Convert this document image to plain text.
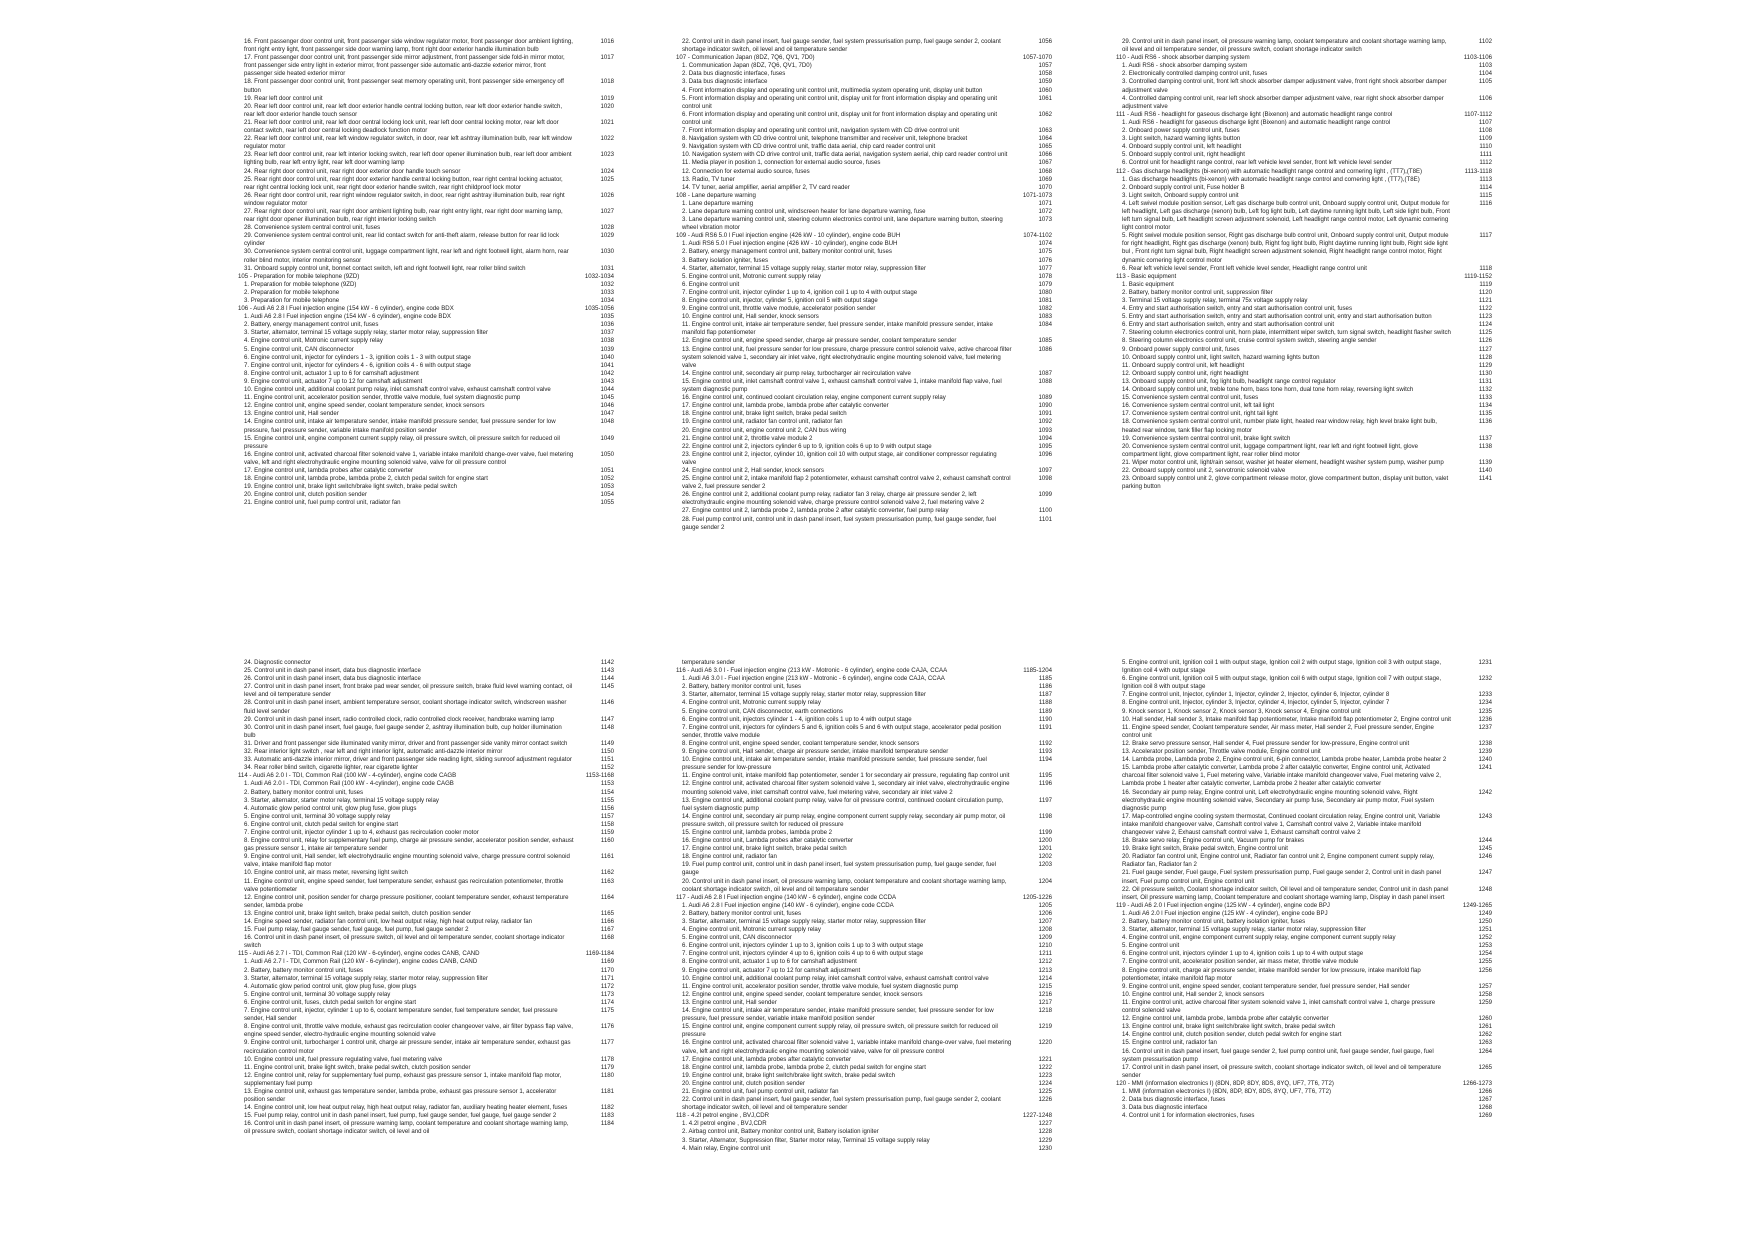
16. Front passenger door control unit, front passenger side window regulator motor, front passenger door ambient lighting, front right entry light, front passenger side door warning lamp, front right door exterior handle illumination bulb
1016
17. Front passenger door control unit, front passenger side mirror adjustment, front passenger side fold-in mirror motor, front passenger side entry light in exterior mirror, front passenger side automatic anti-dazzle exterior mirror, front passenger side heated exterior mirror
1017
18. Front passenger door control unit, front passenger seat memory operating unit, front passenger side emergency off button
1018
19. Rear left door control unit	1019
20. Rear left door control unit, rear left door exterior handle central locking button, rear left door exterior handle switch, rear left door exterior handle touch sensor
1020
21. Rear left door control unit, rear left door central locking lock unit, rear left door central locking motor, rear left door contact switch, rear left door central locking deadlock function motor
1021
22. Rear left door control unit, rear left window regulator switch, in door, rear left ashtray illumination bulb, rear left window regulator motor
1022
23. Rear left door control unit, rear left interior locking switch, rear left door opener illumination bulb, rear left door ambient lighting bulb, rear left entry light, rear left door warning lamp
1023
24. Rear right door control unit, rear right door exterior door handle touch sensor	1024
25. Rear right door control unit, rear right door exterior handle central locking button, rear right central locking actuator, rear right central locking lock unit, rear right door exterior handle switch, rear right childproof lock motor
1025
26. Rear right door control unit, rear right window regulator switch, in door, rear right ashtray illumination bulb, rear right window regulator motor
1026
27. Rear right door control unit, rear right door ambient lighting bulb, rear right entry light, rear right door warning lamp, rear right door opener illumination bulb, rear right interior locking switch
1027
28. Convenience system central control unit, fuses	1028
29. Convenience system central control unit, rear lid contact switch for anti-theft alarm, release button for rear lid lock cylinder
1029
30. Convenience system central control unit, luggage compartment light, rear left and right footwell light, alarm horn, rear roller blind motor, interior monitoring sensor
1030
31. Onboard supply control unit, bonnet contact switch, left and right footwell light, rear roller blind switch	1031
105 - Preparation for mobile telephone (9ZD)	1032-1034
1. Preparation for mobile telephone (9ZD)	1032
2. Preparation for mobile telephone	1033
3. Preparation for mobile telephone	1034
106 - Audi A6 2.8 l Fuel injection engine (154 kW - 6 cylinder), engine code BDX	1035-1056
1. Audi A6 2.8 l Fuel injection engine (154 kW - 6 cylinder), engine code BDX	1035
2. Battery, energy management control unit, fuses	1036
3. Starter, alternator, terminal 15 voltage supply relay, starter motor relay, suppression filter	1037
4. Engine control unit, Motronic current supply relay	1038
5. Engine control unit, CAN disconnector	1039
6. Engine control unit, injector for cylinders 1 - 3, ignition coils 1 - 3 with output stage	1040
7. Engine control unit, injector for cylinders 4 - 6, ignition coils 4 - 6 with output stage	1041
8. Engine control unit, actuator 1 up to 6 for camshaft adjustment	1042
9. Engine control unit, actuator 7 up to 12 for camshaft adjustment	1043
10. Engine control unit, additional coolant pump relay, inlet camshaft control valve, exhaust camshaft control valve	1044
11. Engine control unit, accelerator position sender, throttle valve module, fuel system diagnostic pump	1045
12. Engine control unit, engine speed sender, coolant temperature sender, knock sensors	1046
13. Engine control unit, Hall sender	1047
14. Engine control unit, intake air temperature sender, intake manifold pressure sender, fuel pressure sender for low pressure, fuel pressure sender, variable intake manifold position sender
1048
15. Engine control unit, engine component current supply relay, oil pressure switch, oil pressure switch for reduced oil pressure
1049
16. Engine control unit, activated charcoal filter solenoid valve 1, variable intake manifold change-over valve, fuel metering valve, left and right electrohydraulic engine mounting solenoid valve, valve for oil pressure control
1050
17. Engine control unit, lambda probes after catalytic converter	1051
18. Engine control unit, lambda probe, lambda probe 2, clutch pedal switch for engine start	1052
19. Engine control unit, brake light switch/brake light switch, brake pedal switch	1053
20. Engine control unit, clutch position sender	1054
21. Engine control unit, fuel pump control unit, radiator fan	1055
22. Control unit in dash panel insert, fuel gauge sender, fuel system pressurisation pump, fuel gauge sender 2, coolant shortage indicator switch, oil level and oil temperature sender
1056
107 - Communication Japan (8DZ, 7Q6, QV1, 7D0)	1057-1070
1. Communication Japan (8DZ, 7Q6, QV1, 7D0)	1057
2. Data bus diagnostic interface, fuses	1058
3. Data bus diagnostic interface	1059
4. Front information display and operating unit control unit, multimedia system operating unit, display unit button	1060
5. Front information display and operating unit control unit, display unit for front information display and operating unit control unit
1061
6. Front information display and operating unit control unit, display unit for front information display and operating unit control unit
1062
7. Front information display and operating unit control unit, navigation system with CD drive control unit	1063
8. Navigation system with CD drive control unit, telephone transmitter and receiver unit, telephone bracket	1064
9. Navigation system with CD drive control unit, traffic data aerial, chip card reader control unit	1065
10. Navigation system with CD drive control unit, traffic data aerial, navigation system aerial, chip card reader control unit	1066
11. Media player in position 1, connection for external audio source, fuses	1067
12. Connection for external audio source, fuses	1068
13. Radio, TV tuner	1069
14. TV tuner, aerial amplifier, aerial amplifier 2, TV card reader	1070
108 - Lane departure warning	1071-1073
1. Lane departure warning	1071
2. Lane departure warning control unit, windscreen heater for lane departure warning, fuse	1072
3. Lane departure warning control unit, steering column electronics control unit, lane departure warning button, steering wheel vibration motor
1073
109 - Audi RS6 5.0 l Fuel injection engine (426 kW - 10 cylinder), engine code BUH	1074-1102
1. Audi RS6 5.0 l Fuel injection engine (426 kW - 10 cylinder), engine code BUH	1074
2. Battery, energy management control unit, battery monitor control unit, fuses	1075
3. Battery isolation igniter, fuses	1076
4. Starter, alternator, terminal 15 voltage supply relay, starter motor relay, suppression filter	1077
5. Engine control unit, Motronic current supply relay	1078
6. Engine control unit	1079
7. Engine control unit, injector cylinder 1 up to 4, ignition coil 1 up to 4 with output stage	1080
8. Engine control unit, injector, cylinder 5, ignition coil 5 with output stage	1081
9. Engine control unit, throttle valve module, accelerator position sender	1082
10. Engine control unit, Hall sender, knock sensors	1083
11. Engine control unit, intake air temperature sender, fuel pressure sender, intake manifold pressure sender, intake manifold flap potentiometer
1084
12. Engine control unit, engine speed sender, charge air pressure sender, coolant temperature sender	1085
13. Engine control unit, fuel pressure sender for low pressure, charge pressure control solenoid valve, active charcoal filter system solenoid valve 1, secondary air inlet valve, right electrohydraulic engine mounting solenoid valve, fuel metering valve
1086
14. Engine control unit, secondary air pump relay, turbocharger air recirculation valve	1087
15. Engine control unit, inlet camshaft control valve 1, exhaust camshaft control valve 1, intake manifold flap valve, fuel system diagnostic pump
1088
16. Engine control unit, continued coolant circulation relay, engine component current supply relay	1089
17. Engine control unit, lambda probe, lambda probe after catalytic converter	1090
18. Engine control unit, brake light switch, brake pedal switch	1091
19. Engine control unit, radiator fan control unit, radiator fan	1092
20. Engine control unit, engine control unit 2, CAN bus wiring	1093
21. Engine control unit 2, throttle valve module 2	1094
22. Engine control unit 2, injectors cylinder 6 up to 9, ignition coils 6 up to 9 with output stage	1095
23. Engine control unit 2, injector, cylinder 10, ignition coil 10 with output stage, air conditioner compressor regulating valve
1096
24. Engine control unit 2, Hall sender, knock sensors	1097
25. Engine control unit 2, intake manifold flap 2 potentiometer, exhaust camshaft control valve 2, exhaust camshaft control valve 2, fuel pressure sender 2
1098
26. Engine control unit 2, additional coolant pump relay, radiator fan 3 relay, charge air pressure sender 2, left electrohydraulic engine mounting solenoid valve, charge pressure control solenoid valve 2, fuel metering valve 2
1099
27. Engine control unit 2, lambda probe 2, lambda probe 2 after catalytic converter, fuel pump relay	1100
28. Fuel pump control unit, control unit in dash panel insert, fuel system pressurisation pump, fuel gauge sender, fuel gauge sender 2
1101
29. Control unit in dash panel insert, oil pressure warning lamp, coolant temperature and coolant shortage warning lamp, oil level and oil temperature sender, oil pressure switch, coolant shortage indicator switch
1102
110 - Audi RS6 - shock absorber damping system	1103-1106
1. Audi RS6 - shock absorber damping system	1103
2. Electronically controlled damping control unit, fuses	1104
3. Controlled damping control unit, front left shock absorber damper adjustment valve, front right shock absorber damper adjustment valve
1105
4. Controlled damping control unit, rear left shock absorber damper adjustment valve, rear right shock absorber damper adjustment valve
1106
111 - Audi RS6 - headlight for gaseous discharge light (Bixenon) and automatic headlight range control	1107-1112
1. Audi RS6 - headlight for gaseous discharge light (Bixenon) and automatic headlight range control	1107
2. Onboard power supply control unit, fuses	1108
3. Light switch, hazard warning lights button	1109
4. Onboard supply control unit, left headlight	1110
5. Onboard supply control unit, right headlight	1111
6. Control unit for headlight range control, rear left vehicle level sender, front left vehicle level sender	1112
112 - Gas discharge headlights (bi-xenon) with automatic headlight range control and cornering light , (TT7),(T8E)	1113-1118
1. Gas discharge headlights (bi-xenon) with automatic headlight range control and cornering light , (TT7),(T8E)	1113
2. Onboard supply control unit, Fuse holder B	1114
3. Light switch, Onboard supply control unit	1115
4. Left swivel module position sensor, Left gas discharge bulb control unit, Onboard supply control unit, Output module for left headlight, Left gas discharge (xenon) bulb, Left fog light bulb, Left daytime running light bulb, Left side light bulb, Front left turn signal bulb, Left headlight screen adjustment solenoid, Left headlight range control motor, Left dynamic cornering light control motor
1116
5. Right swivel module position sensor, Right gas discharge bulb control unit, Onboard supply control unit, Output module for right headlight, Right gas discharge (xenon) bulb, Right fog light bulb, Right daytime running light bulb, Right side light bul , Front right turn signal bulb, Right headlight screen adjustment solenoid, Right headlight range control motor, Right dynamic cornering light control motor
1117
6. Rear left vehicle level sender, Front left vehicle level sender, Headlight range control unit	1118
113 - Basic equipment	1119-1152
1. Basic equipment	1119
2. Battery, battery monitor control unit, suppression filter	1120
3. Terminal 15 voltage supply relay, terminal 75x voltage supply relay	1121
4. Entry and start authorisation switch, entry and start authorisation control unit, fuses	1122
5. Entry and start authorisation switch, entry and start authorisation control unit, entry and start authorisation button	1123
6. Entry and start authorisation switch, entry and start authorisation control unit	1124
7. Steering column electronics control unit, horn plate, intermittent wiper switch, turn signal switch, headlight flasher switch	1125
8. Steering column electronics control unit, cruise control system switch, steering angle sender	1126
9. Onboard power supply control unit, fuses	1127
10. Onboard supply control unit, light switch, hazard warning lights button	1128
11. Onboard supply control unit, left headlight	1129
12. Onboard supply control unit, right headlight	1130
13. Onboard supply control unit, fog light bulb, headlight range control regulator	1131
14. Onboard supply control unit, treble tone horn, bass tone horn, dual tone horn relay, reversing light switch	1132
15. Convenience system central control unit, fuses	1133
16. Convenience system central control unit, left tail light	1134
17. Convenience system central control unit, right tail light	1135
18. Convenience system central control unit, number plate light, heated rear window relay, high level brake light bulb, heated rear window, tank filler flap locking motor
1136
19. Convenience system central control unit, brake light switch	1137
20. Convenience system central control unit, luggage compartment light, rear left and right footwell light, glove compartment light, glove compartment light, rear roller blind motor
1138
21. Wiper motor control unit, light/rain sensor, washer jet heater element, headlight washer system pump, washer pump	1139
22. Onboard supply control unit 2, servotronic solenoid valve	1140
23. Onboard supply control unit 2, glove compartment release motor, glove compartment button, display unit button, valet parking button
1141
24. Diagnostic connector	1142
25. Control unit in dash panel insert, data bus diagnostic interface	1143
26. Control unit in dash panel insert, data bus diagnostic interface	1144
27. Control unit in dash panel insert, front brake pad wear sender, oil pressure switch, brake fluid level warning contact, oil level and oil temperature sender
1145
28. Control unit in dash panel insert, ambient temperature sensor, coolant shortage indicator switch, windscreen washer fluid level sender
1146
29. Control unit in dash panel insert, radio controlled clock, radio controlled clock receiver, handbrake warning lamp	1147
30. Control unit in dash panel insert, fuel gauge, fuel gauge sender 2, ashtray illumination bulb, cup holder illumination bulb
1148
31. Driver and front passenger side illuminated vanity mirror, driver and front passenger side vanity mirror contact switch	1149
32. Rear interior light switch , rear left and right interior light, automatic anti-dazzle interior mirror	1150
33. Automatic anti-dazzle interior mirror, driver and front passenger side reading light, sliding sunroof adjustment regulator	1151
34. Rear roller blind switch, cigarette lighter, rear cigarette lighter	1152
114 - Audi A6 2.0 l - TDI, Common Rail (100 kW - 4-cylinder), engine code CAGB	1153-1168
1. Audi A6 2.0 l - TDI, Common Rail (100 kW - 4-cylinder), engine code CAGB	1153
2. Battery, battery monitor control unit, fuses	1154
3. Starter, alternator, starter motor relay, terminal 15 voltage supply relay	1155
4. Automatic glow period control unit, glow plug fuse, glow plugs	1156
5. Engine control unit, terminal 30 voltage supply relay	1157
6. Engine control unit, clutch pedal switch for engine start	1158
7. Engine control unit, injector cylinder 1 up to 4, exhaust gas recirculation cooler motor	1159
8. Engine control unit, relay for supplementary fuel pump, charge air pressure sender, accelerator position sender, exhaust gas pressure sensor 1, intake air temperature sender
1160
9. Engine control unit, Hall sender, left electrohydraulic engine mounting solenoid valve, charge pressure control solenoid valve, intake manifold flap motor
1161
10. Engine control unit, air mass meter, reversing light switch	1162
11. Engine control unit, engine speed sender, fuel temperature sender, exhaust gas recirculation potentiometer, throttle valve potentiometer
1163
12. Engine control unit, position sender for charge pressure positioner, coolant temperature sender, exhaust temperature sender, lambda probe
1164
13. Engine control unit, brake light switch, brake pedal switch, clutch position sender	1165
14. Engine speed sender, radiator fan control unit, low heat output relay, high heat output relay, radiator fan	1166
15. Fuel pump relay, fuel gauge sender, fuel gauge, fuel pump, fuel gauge sender 2	1167
16. Control unit in dash panel insert, oil pressure switch, oil level and oil temperature sender, coolant shortage indicator switch
1168
115 - Audi A6 2.7 l - TDI, Common Rail (120 kW - 6-cylinder), engine codes CANB, CAND	1169-1184
1. Audi A6 2.7 l - TDI, Common Rail (120 kW - 6-cylinder), engine codes CANB, CAND	1169
2. Battery, battery monitor control unit, fuses	1170
3. Starter, alternator, terminal 15 voltage supply relay, starter motor relay, suppression filter	1171
4. Automatic glow period control unit, glow plug fuse, glow plugs	1172
5. Engine control unit, terminal 30 voltage supply relay	1173
6. Engine control unit, fuses, clutch pedal switch for engine start	1174
7. Engine control unit, injector, cylinder 1 up to 6, coolant temperature sender, fuel temperature sender, fuel pressure sender, Hall sender
1175
8. Engine control unit, throttle valve module, exhaust gas recirculation cooler changeover valve, air filter bypass flap valve, engine speed sender, electro-hydraulic engine mounting solenoid valve
1176
9. Engine control unit, turbocharger 1 control unit, charge air pressure sender, intake air temperature sender, exhaust gas recirculation control motor
1177
10. Engine control unit, fuel pressure regulating valve, fuel metering valve	1178
11. Engine control unit, brake light switch, brake pedal switch, clutch position sender	1179
12. Engine control unit, relay for supplementary fuel pump, exhaust gas pressure sensor 1, intake manifold flap motor, supplementary fuel pump
1180
13. Engine control unit, exhaust gas temperature sender, lambda probe, exhaust gas pressure sensor 1, accelerator position sender
1181
14. Engine control unit, low heat output relay, high heat output relay, radiator fan, auxiliary heating heater element, fuses	1182
15. Fuel pump relay, control unit in dash panel insert, fuel pump, fuel gauge sender, fuel gauge, fuel gauge sender 2	1183
16. Control unit in dash panel insert, oil pressure warning lamp, coolant temperature and coolant shortage warning lamp, oil pressure switch, coolant shortage indicator switch, oil level and oil
1184
temperature sender
116 - Audi A6 3.0 l - Fuel injection engine (213 kW - Motronic - 6 cylinder), engine code CAJA, CCAA	1185-1204
1. Audi A6 3.0 l - Fuel injection engine (213 kW - Motronic - 6 cylinder), engine code CAJA, CCAA	1185
2. Battery, battery monitor control unit, fuses	1186
3. Starter, alternator, terminal 15 voltage supply relay, starter motor relay, suppression filter	1187
4. Engine control unit, Motronic current supply relay	1188
5. Engine control unit, CAN disconnector, earth connections	1189
6. Engine control unit, injectors cylinder 1 - 4, ignition coils 1 up to 4 with output stage	1190
7. Engine control unit, injectors for cylinders 5 and 6, ignition coils 5 and 6 with output stage, accelerator pedal position sender, throttle valve module
1191
8. Engine control unit, engine speed sender, coolant temperature sender, knock sensors	1192
9. Engine control unit, Hall sender, charge air pressure sender, intake manifold temperature sender	1193
10. Engine control unit, intake air temperature sender, intake manifold pressure sender, fuel pressure sender, fuel pressure sender for low-pressure
1194
11. Engine control unit, intake manifold flap potentiometer, sender 1 for secondary air pressure, regulating flap control unit	1195
12. Engine control unit, activated charcoal filter system solenoid valve 1, secondary air inlet valve, electrohydraulic engine mounting solenoid valve, inlet camshaft control valve, fuel metering valve, secondary air inlet valve 2
1196
13. Engine control unit, additional coolant pump relay, valve for oil pressure control, continued coolant circulation pump, fuel system diagnostic pump
1197
14. Engine control unit, secondary air pump relay, engine component current supply relay, secondary air pump motor, oil pressure switch, oil pressure switch for reduced oil pressure
1198
15. Engine control unit, lambda probes, lambda probe 2	1199
16. Engine control unit, Lambda probes after catalytic converter	1200
17. Engine control unit, brake light switch, brake pedal switch	1201
18. Engine control unit, radiator fan	1202
19. Fuel pump control unit, control unit in dash panel insert, fuel system pressurisation pump, fuel gauge sender, fuel gauge
1203
20. Control unit in dash panel insert, oil pressure warning lamp, coolant temperature and coolant shortage warning lamp, coolant shortage indicator switch, oil level and oil temperature sender
1204
117 - Audi A6 2.8 l Fuel injection engine (140 kW - 6 cylinder), engine code CCDA	1205-1226
1. Audi A6 2.8 l Fuel injection engine (140 kW - 6 cylinder), engine code CCDA	1205
2. Battery, battery monitor control unit, fuses	1206
3. Starter, alternator, terminal 15 voltage supply relay, starter motor relay, suppression filter	1207
4. Engine control unit, Motronic current supply relay	1208
5. Engine control unit, CAN disconnector	1209
6. Engine control unit, injectors cylinder 1 up to 3, ignition coils 1 up to 3 with output stage	1210
7. Engine control unit, injectors cylinder 4 up to 6, ignition coils 4 up to 6 with output stage	1211
8. Engine control unit, actuator 1 up to 6 for camshaft adjustment	1212
9. Engine control unit, actuator 7 up to 12 for camshaft adjustment	1213
10. Engine control unit, additional coolant pump relay, inlet camshaft control valve, exhaust camshaft control valve	1214
11. Engine control unit, accelerator position sender, throttle valve module, fuel system diagnostic pump	1215
12. Engine control unit, engine speed sender, coolant temperature sender, knock sensors	1216
13. Engine control unit, Hall sender	1217
14. Engine control unit, intake air temperature sender, intake manifold pressure sender, fuel pressure sender for low pressure, fuel pressure sender, variable intake manifold position sender
1218
15. Engine control unit, engine component current supply relay, oil pressure switch, oil pressure switch for reduced oil pressure
1219
16. Engine control unit, activated charcoal filter solenoid valve 1, variable intake manifold change-over valve, fuel metering valve, left and right electrohydraulic engine mounting solenoid valve, valve for oil pressure control
1220
17. Engine control unit, lambda probes after catalytic converter	1221
18. Engine control unit, lambda probe, lambda probe 2, clutch pedal switch for engine start	1222
19. Engine control unit, brake light switch/brake light switch, brake pedal switch	1223
20. Engine control unit, clutch position sender	1224
21. Engine control unit, fuel pump control unit, radiator fan	1225
22. Control unit in dash panel insert, fuel gauge sender, fuel system pressurisation pump, fuel gauge sender 2, coolant shortage indicator switch, oil level and oil temperature sender
1226
118 - 4.2l petrol engine , BVJ,CDR	1227-1248
1. 4.2l petrol engine , BVJ,CDR	1227
2. Airbag control unit, Battery monitor control unit, Battery isolation igniter	1228
3. Starter, Alternator, Suppression filter, Starter motor relay, Terminal 15 voltage supply relay	1229
4. Main relay, Engine control unit	1230
5. Engine control unit, Ignition coil 1 with output stage, Ignition coil 2 with output stage, Ignition coil 3 with output stage, Ignition coil 4 with output stage
1231
6. Engine control unit, Ignition coil 5 with output stage, Ignition coil 6 with output stage, Ignition coil 7 with output stage, Ignition coil 8 with output stage
1232
7. Engine control unit, Injector, cylinder 1, Injector, cylinder 2, Injector, cylinder 6, Injector, cylinder 8	1233
8. Engine control unit, Injector, cylinder 3, Injector, cylinder 4, Injector, cylinder 5, Injector, cylinder 7	1234
9. Knock sensor 1, Knock sensor 2, Knock sensor 3, Knock sensor 4, Engine control unit	1235
10. Hall sender, Hall sender 3, Intake manifold flap potentiometer, Intake manifold flap potentiometer 2, Engine control unit	1236
11. Engine speed sender, Coolant temperature sender, Air mass meter, Hall sender 2, Fuel pressure sender, Engine control unit
1237
12. Brake servo pressure sensor, Hall sender 4, Fuel pressure sender for low-pressure, Engine control unit	1238
13. Accelerator position sender, Throttle valve module, Engine control unit	1239
14. Lambda probe, Lambda probe 2, Engine control unit, 6-pin connector, Lambda probe heater, Lambda probe heater 2	1240
15. Lambda probe after catalytic converter, Lambda probe 2 after catalytic converter, Engine control unit, Activated charcoal filter solenoid valve 1, Fuel metering valve, Variable intake manifold changeover valve, Fuel metering valve 2, Lambda probe 1 heater after catalytic converter, Lambda probe 2 heater after catalytic converter
1241
16. Secondary air pump relay, Engine control unit, Left electrohydraulic engine mounting solenoid valve, Right electrohydraulic engine mounting solenoid valve, Secondary air pump fuse, Secondary air pump motor, Fuel system diagnostic pump
1242
17. Map-controlled engine cooling system thermostat, Continued coolant circulation relay, Engine control unit, Variable intake manifold changeover valve, Camshaft control valve 1, Camshaft control valve 2, Variable intake manifold changeover valve 2, Exhaust camshaft control valve 1, Exhaust camshaft control valve 2
1243
18. Brake servo relay, Engine control unit, Vacuum pump for brakes	1244
19. Brake light switch, Brake pedal switch, Engine control unit	1245
20. Radiator fan control unit, Engine control unit, Radiator fan control unit 2, Engine component current supply relay, Radiator fan, Radiator fan 2
1246
21. Fuel gauge sender, Fuel gauge, Fuel system pressurisation pump, Fuel gauge sender 2, Control unit in dash panel insert, Fuel pump control unit, Engine control unit
1247
22. Oil pressure switch, Coolant shortage indicator switch, Oil level and oil temperature sender, Control unit in dash panel insert, Oil pressure warning lamp, Coolant temperature and coolant shortage warning lamp, Display in dash panel insert
1248
119 - Audi A6 2.0 l Fuel injection engine (125 kW - 4 cylinder), engine code BPJ	1249-1265
1. Audi A6 2.0 l Fuel injection engine (125 kW - 4 cylinder), engine code BPJ	1249
2. Battery, battery monitor control unit, battery isolation igniter, fuses	1250
3. Starter, alternator, terminal 15 voltage supply relay, starter motor relay, suppression filter	1251
4. Engine control unit, engine component current supply relay, engine component current supply relay	1252
5. Engine control unit	1253
6. Engine control unit, injectors cylinder 1 up to 4, ignition coils 1 up to 4 with output stage	1254
7. Engine control unit, accelerator position sender, air mass meter, throttle valve module	1255
8. Engine control unit, charge air pressure sender, intake manifold sender for low pressure, intake manifold flap potentiometer, intake manifold flap motor
1256
9. Engine control unit, engine speed sender, coolant temperature sender, fuel pressure sender, Hall sender	1257
10. Engine control unit, Hall sender 2, knock sensors	1258
11. Engine control unit, active charcoal filter system solenoid valve 1, inlet camshaft control valve 1, charge pressure control solenoid valve
1259
12. Engine control unit, lambda probe, lambda probe after catalytic converter	1260
13. Engine control unit, brake light switch/brake light switch, brake pedal switch	1261
14. Engine control unit, clutch position sender, clutch pedal switch for engine start	1262
15. Engine control unit, radiator fan	1263
16. Control unit in dash panel insert, fuel gauge sender 2, fuel pump control unit, fuel gauge sender, fuel gauge, fuel system pressurisation pump
1264
17. Control unit in dash panel insert, oil pressure switch, coolant shortage indicator switch, oil level and oil temperature sender
1265
120 - MMI (information electronics I) (8DN, 8DP, 8DY, 8DS, 8YQ, UF7, 7T6, 7T2)	1266-1273
1. MMI (information electronics I) (8DN, 8DP, 8DY, 8DS, 8YQ, UF7, 7T6, 7T2)	1266
2. Data bus diagnostic interface, fuses	1267
3. Data bus diagnostic interface	1268
4. Control unit 1 for information electronics, fuses	1269
